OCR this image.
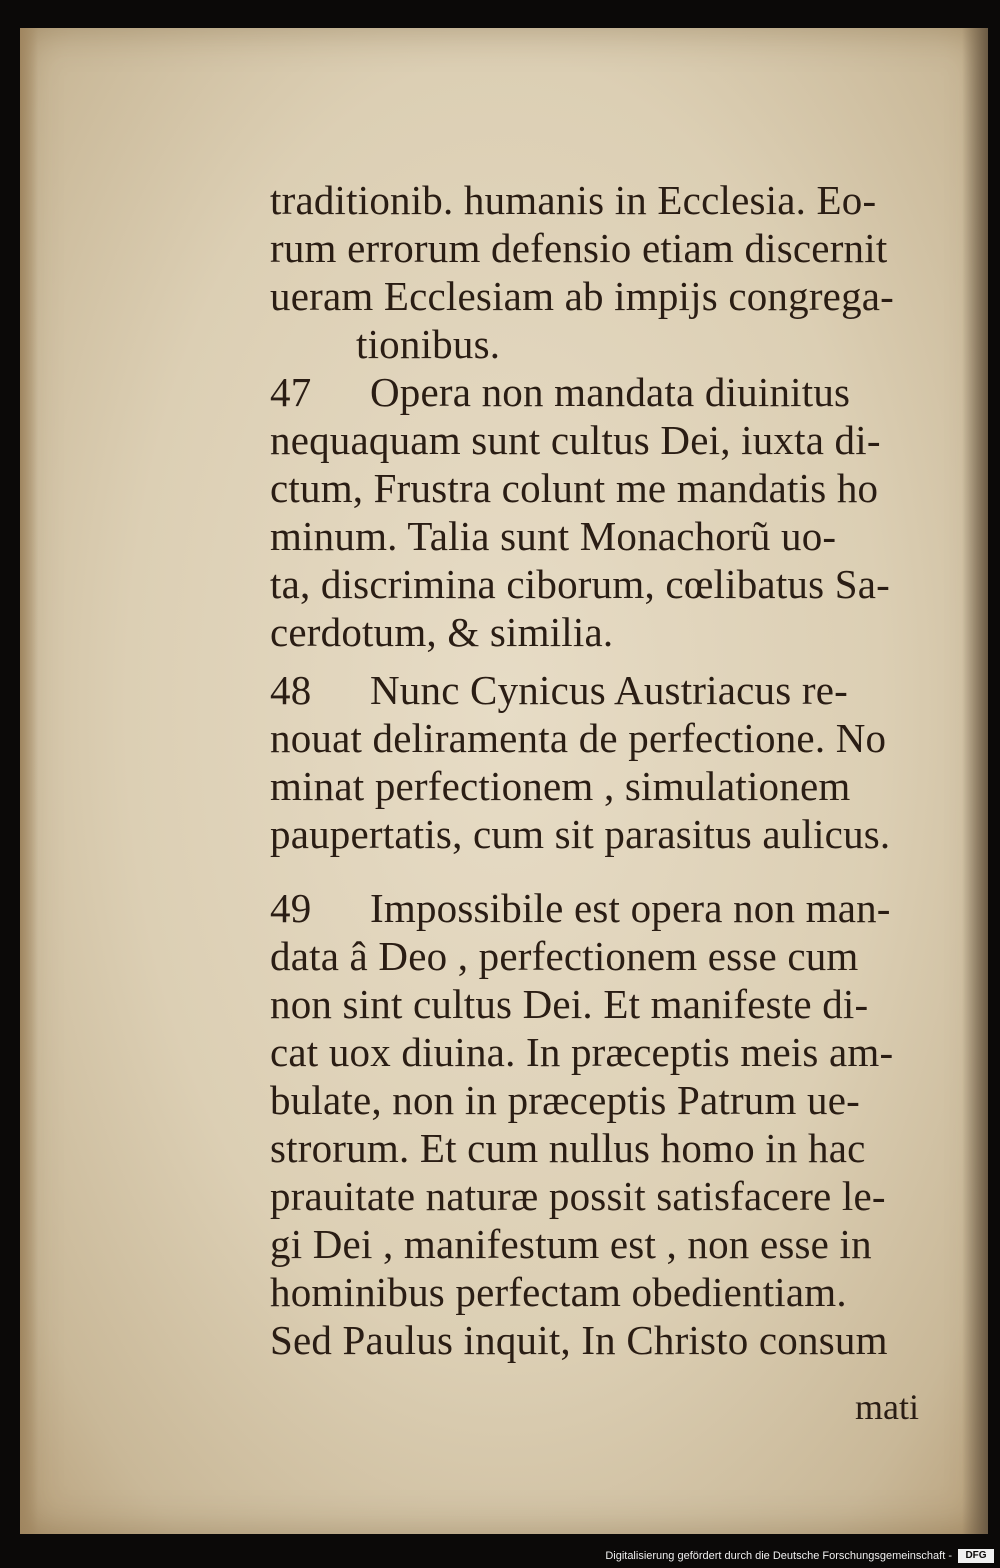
traditionib. humanis in Ecclesia. Eo-
rum errorum defensio etiam discernit
ueram Ecclesiam ab impijs congrega-
tionibus.
47 Opera non mandata diuinitus
nequaquam sunt cultus Dei, iuxta di-
ctum, Frustra colunt me mandatis ho
minum. Talia sunt Monachorũ uo-
ta, discrimina ciborum, cœlibatus Sa-
cerdotum, & similia.
48 Nunc Cynicus Austriacus re-
nouat deliramenta de perfectione. No
minat perfectionem , simulationem
paupertatis, cum sit parasitus aulicus.
49 Impossibile est opera non man-
data â Deo , perfectionem esse cum
non sint cultus Dei. Et manifeste di-
cat uox diuina. In præceptis meis am-
bulate, non in præceptis Patrum ue-
strorum. Et cum nullus homo in hac
prauitate naturæ possit satisfacere le-
gi Dei , manifestum est , non esse in
hominibus perfectam obedientiam.
Sed Paulus inquit, In Christo consum
mati
Digitalisierung gefördert durch die Deutsche Forschungsgemeinschaft -	DFG
